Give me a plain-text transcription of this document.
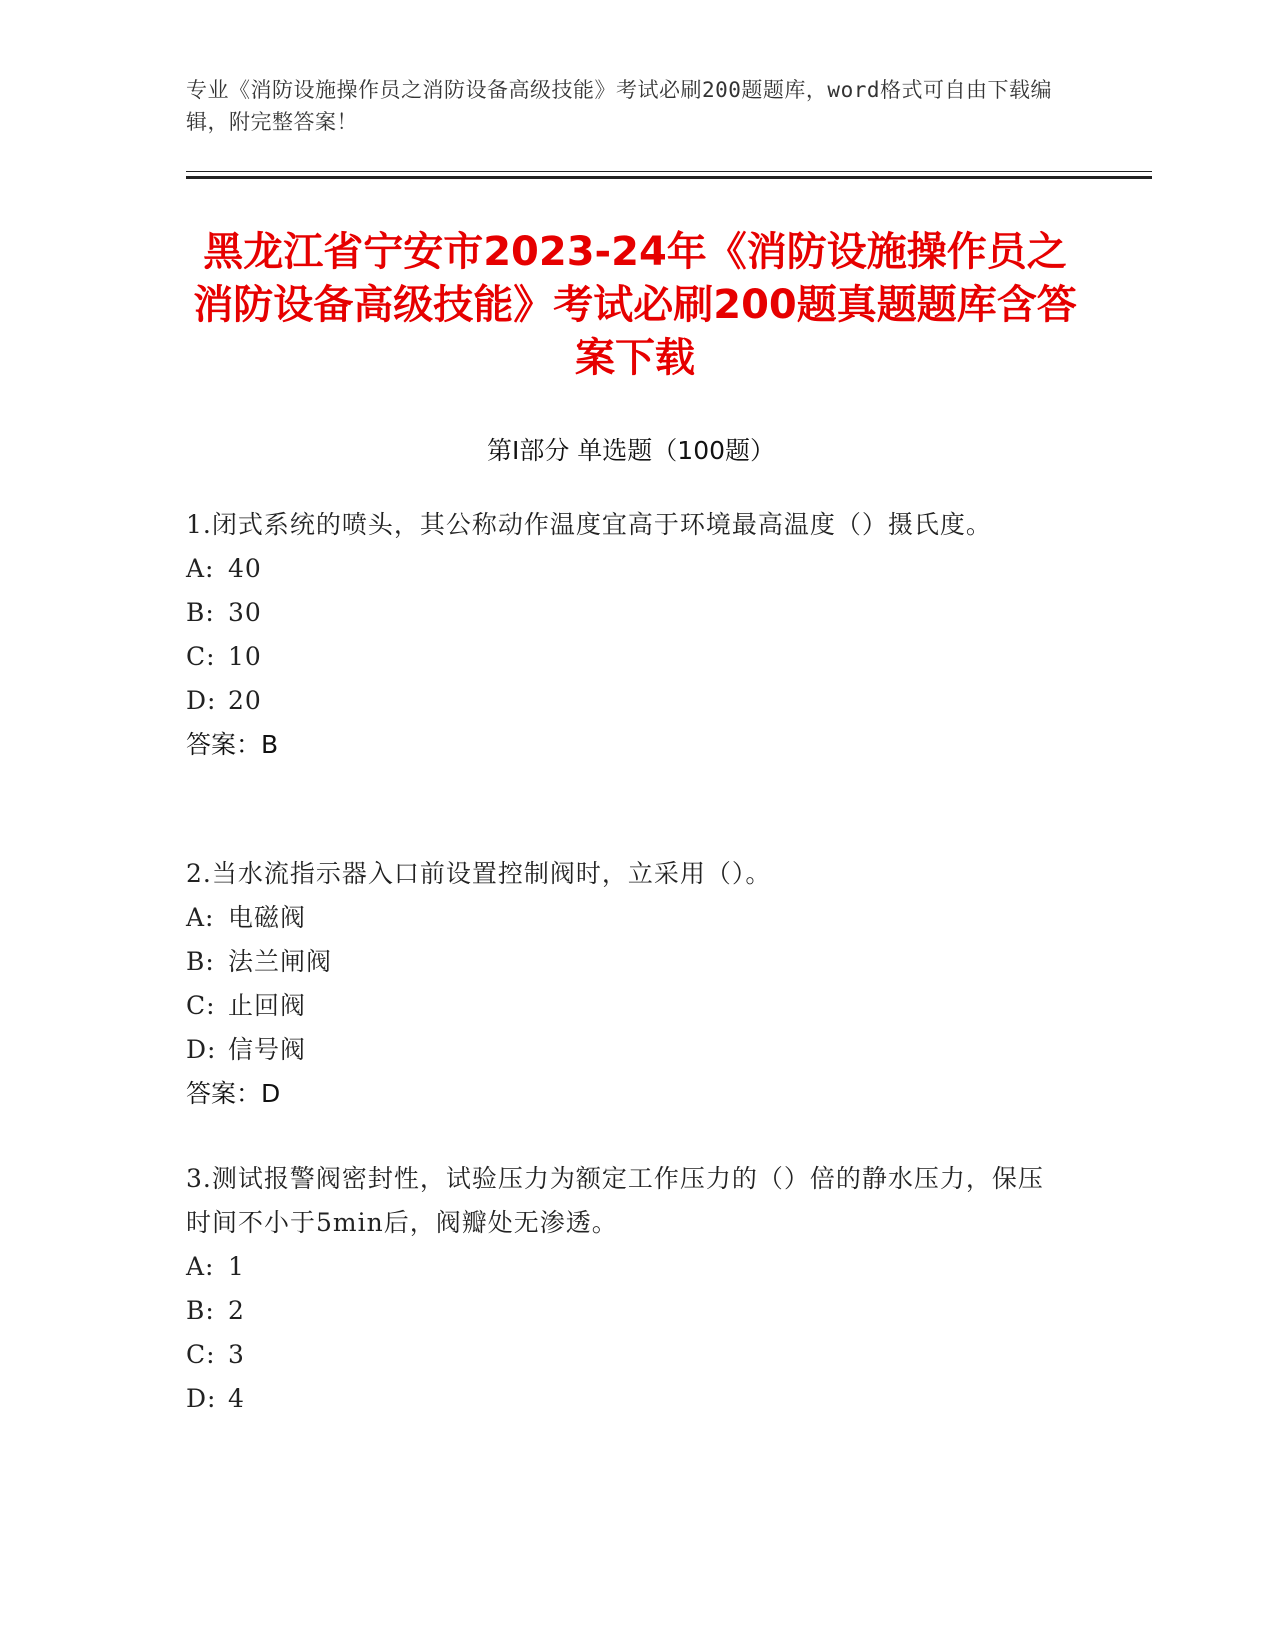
专业《消防设施操作员之消防设备高级技能》考试必刷200题题库，word格式可自由下载编辑，附完整答案！
黑龙江省宁安市2023-24年《消防设施操作员之消防设备高级技能》考试必刷200题真题题库含答案下载
第I部分 单选题（100题）

1.闭式系统的喷头，其公称动作温度宜高于环境最高温度（）摄氏度。

A: 40
B: 30
C: 10
D: 20
答案：B

2.当水流指示器入口前设置控制阀时，立采用（）。

A: 电磁阀
B: 法兰闸阀
C: 止回阀
D: 信号阀
答案：D

3.测试报警阀密封性，试验压力为额定工作压力的（）倍的静水压力，保压时间不小于5min后，阀瓣处无渗透。

A: 1
B: 2
C: 3
D: 4
